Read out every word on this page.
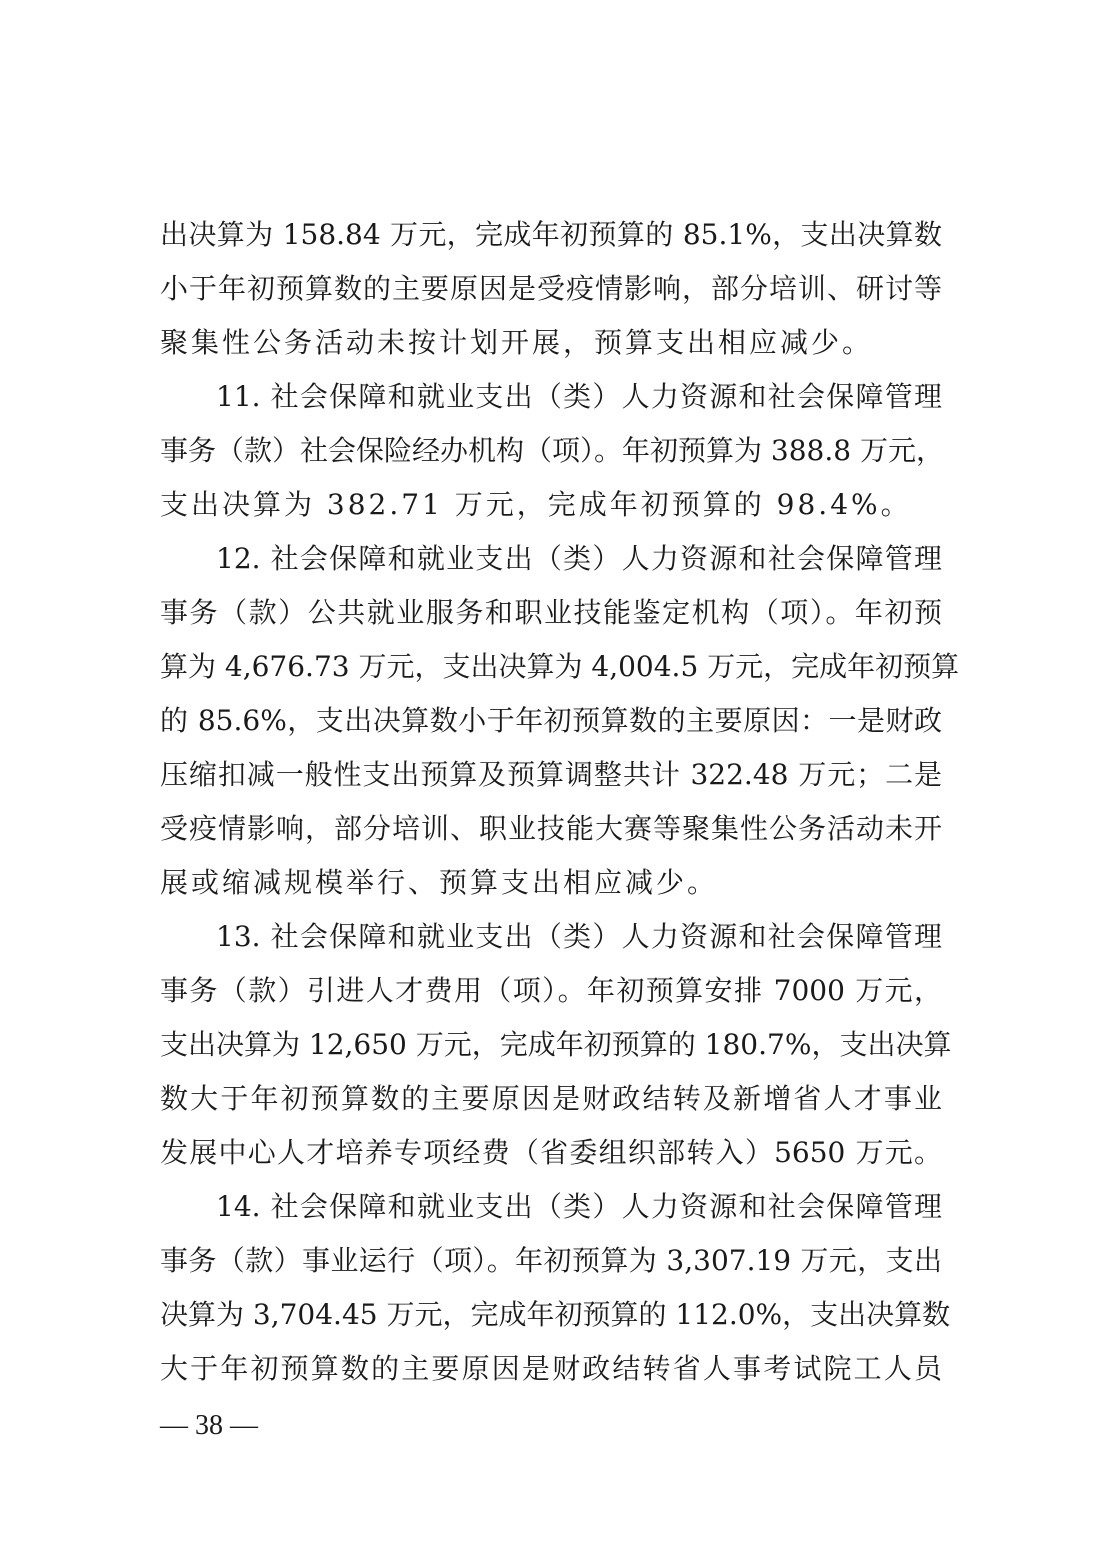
出决算为 158.84 万元，完成年初预算的 85.1%，支出决算数
小于年初预算数的主要原因是受疫情影响，部分培训、研讨等
聚集性公务活动未按计划开展，预算支出相应减少。
11. 社会保障和就业支出（类）人力资源和社会保障管理
事务（款）社会保险经办机构（项）。年初预算为 388.8 万元，
支出决算为 382.71 万元，完成年初预算的 98.4%。
12. 社会保障和就业支出（类）人力资源和社会保障管理
事务（款）公共就业服务和职业技能鉴定机构（项）。年初预
算为 4,676.73 万元，支出决算为 4,004.5 万元，完成年初预算
的 85.6%，支出决算数小于年初预算数的主要原因：一是财政
压缩扣减一般性支出预算及预算调整共计 322.48 万元；二是
受疫情影响，部分培训、职业技能大赛等聚集性公务活动未开
展或缩减规模举行、预算支出相应减少。
13. 社会保障和就业支出（类）人力资源和社会保障管理
事务（款）引进人才费用（项）。年初预算安排 7000 万元，
支出决算为 12,650 万元，完成年初预算的 180.7%，支出决算
数大于年初预算数的主要原因是财政结转及新增省人才事业
发展中心人才培养专项经费（省委组织部转入）5650 万元。
14. 社会保障和就业支出（类）人力资源和社会保障管理
事务（款）事业运行（项）。年初预算为 3,307.19 万元，支出
决算为 3,704.45 万元，完成年初预算的 112.0%，支出决算数
大于年初预算数的主要原因是财政结转省人事考试院工人员
— 38 —
